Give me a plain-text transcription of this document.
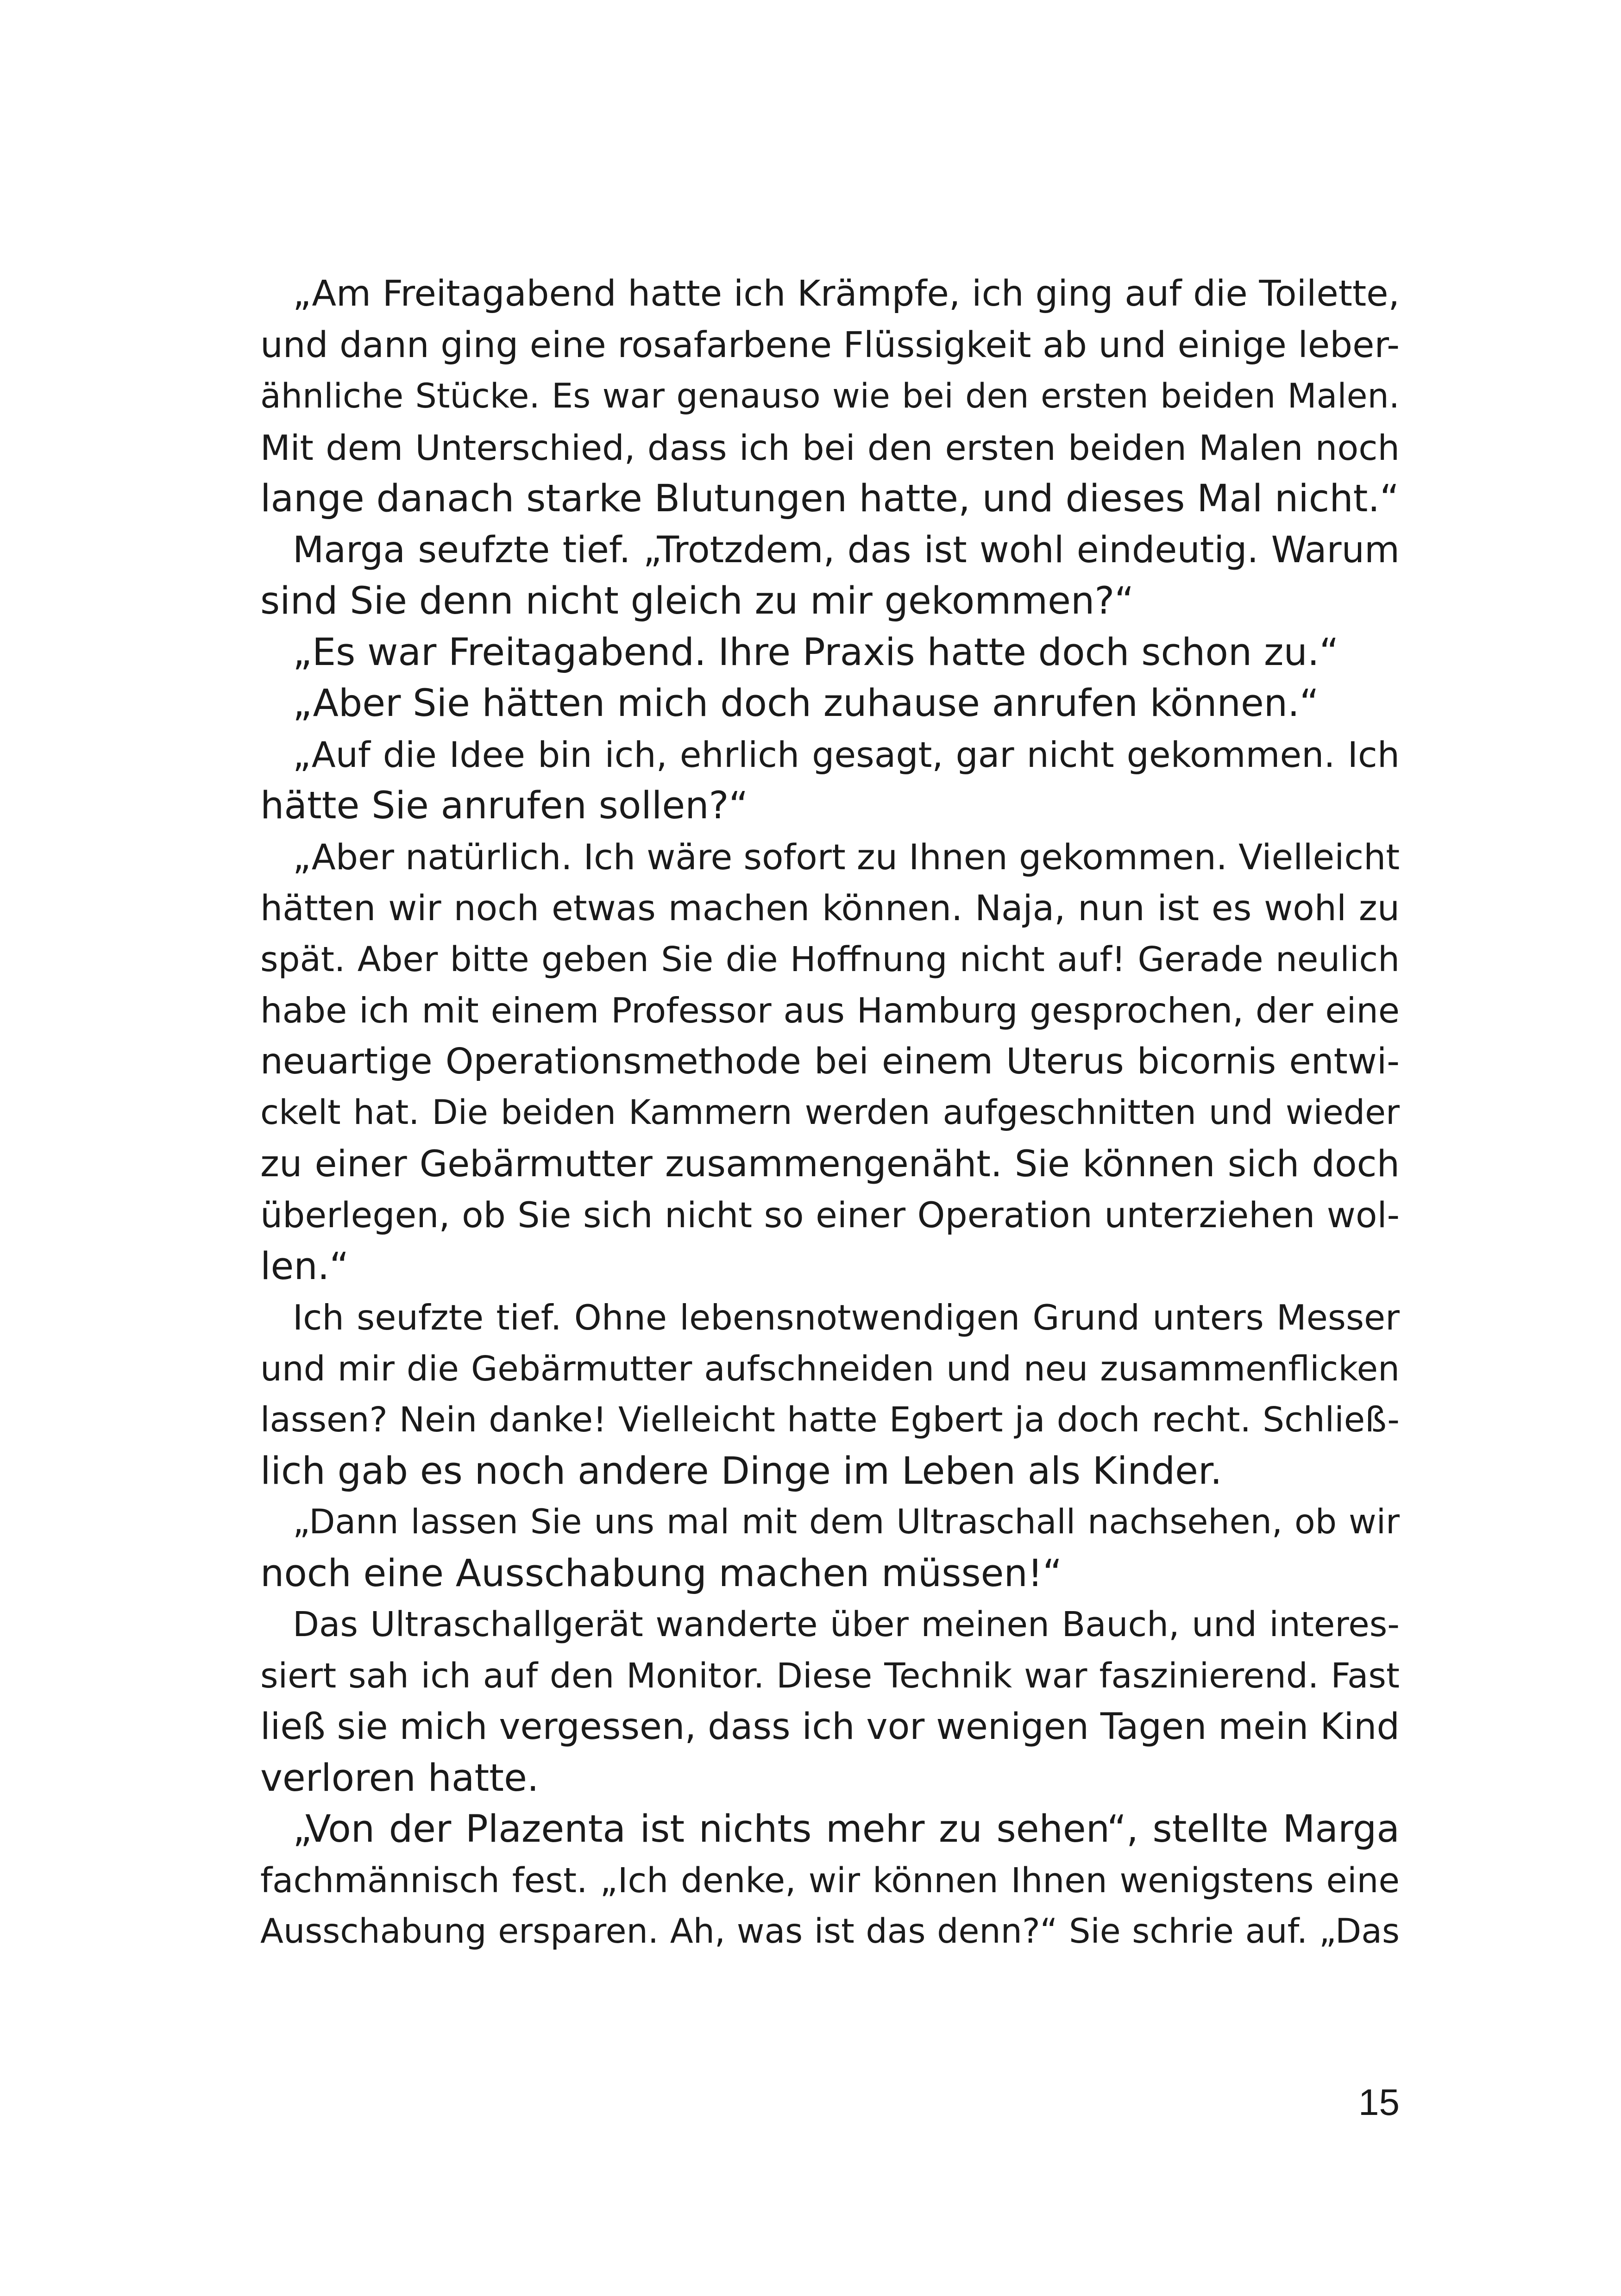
„Am Freitagabend hatte ich Krämpfe, ich ging auf die Toilette,
und dann ging eine rosafarbene Flüssigkeit ab und einige leber-
ähnliche Stücke. Es war genauso wie bei den ersten beiden Malen.
Mit dem Unterschied, dass ich bei den ersten beiden Malen noch
lange danach starke Blutungen hatte, und dieses Mal nicht.“
Marga seufzte tief. „Trotzdem, das ist wohl eindeutig. Warum
sind Sie denn nicht gleich zu mir gekommen?“
„Es war Freitagabend. Ihre Praxis hatte doch schon zu.“
„Aber Sie hätten mich doch zuhause anrufen können.“
„Auf die Idee bin ich, ehrlich gesagt, gar nicht gekommen. Ich
hätte Sie anrufen sollen?“
„Aber natürlich. Ich wäre sofort zu Ihnen gekommen. Vielleicht
hätten wir noch etwas machen können. Naja, nun ist es wohl zu
spät. Aber bitte geben Sie die Hoffnung nicht auf! Gerade neulich
habe ich mit einem Professor aus Hamburg gesprochen, der eine
neuartige Operationsmethode bei einem Uterus bicornis entwi-
ckelt hat. Die beiden Kammern werden aufgeschnitten und wieder
zu einer Gebärmutter zusammengenäht. Sie können sich doch
überlegen, ob Sie sich nicht so einer Operation unterziehen wol-
len.“
Ich seufzte tief. Ohne lebensnotwendigen Grund unters Messer
und mir die Gebärmutter aufschneiden und neu zusammenflicken
lassen? Nein danke! Vielleicht hatte Egbert ja doch recht. Schließ-
lich gab es noch andere Dinge im Leben als Kinder.
„Dann lassen Sie uns mal mit dem Ultraschall nachsehen, ob wir
noch eine Ausschabung machen müssen!“
Das Ultraschallgerät wanderte über meinen Bauch, und interes-
siert sah ich auf den Monitor. Diese Technik war faszinierend. Fast
ließ sie mich vergessen, dass ich vor wenigen Tagen mein Kind
verloren hatte.
„Von der Plazenta ist nichts mehr zu sehen“, stellte Marga
fachmännisch fest. „Ich denke, wir können Ihnen wenigstens eine
Ausschabung ersparen. Ah, was ist das denn?“ Sie schrie auf. „Das
15
